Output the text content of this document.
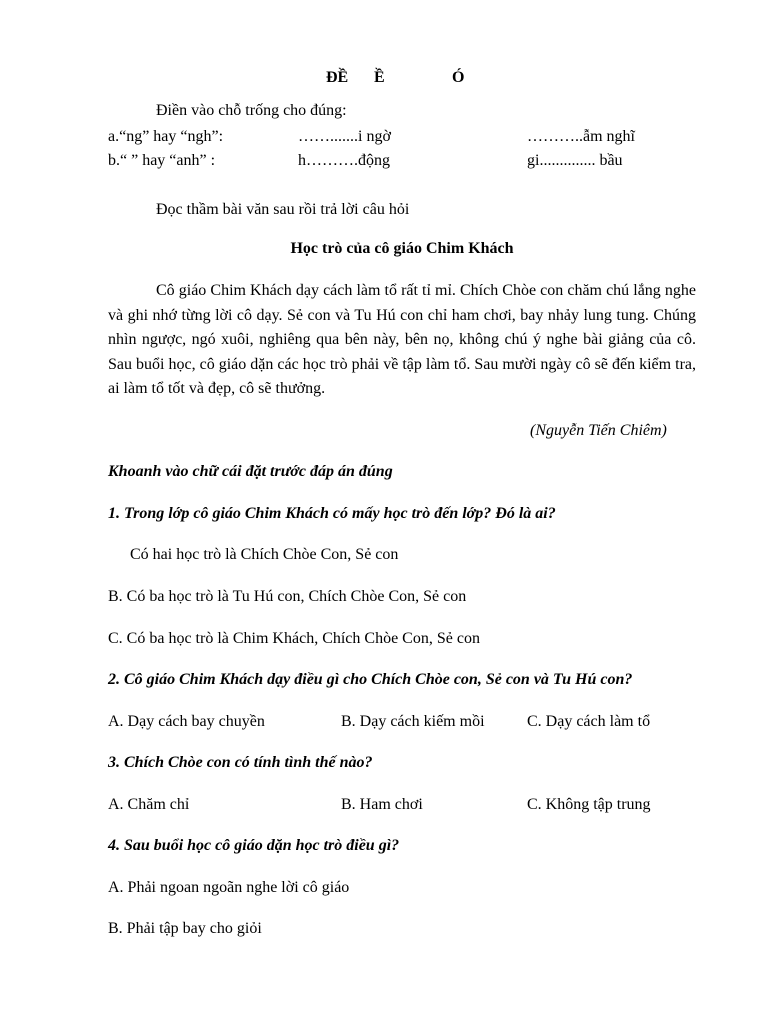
ĐỀ Ề	Ó
Điền vào chỗ trống cho đúng:
a.“ng” hay “ngh”:	…….......i ngờ	………..ẫm nghĩ
b.“ ” hay “anh” :	h……….động	gi.............. bầu
Đọc thầm bài văn sau rồi trả lời câu hỏi
Học trò của cô giáo Chim Khách
Cô giáo Chim Khách dạy cách làm tổ rất tỉ mỉ. Chích Chòe con chăm chú lắng nghe và ghi nhớ từng lời cô dạy. Sẻ con và Tu Hú con chỉ ham chơi, bay nhảy lung tung. Chúng nhìn ngược, ngó xuôi, nghiêng qua bên này, bên nọ, không chú ý nghe bài giảng của cô. Sau buổi học, cô giáo dặn các học trò phải về tập làm tổ. Sau mười ngày cô sẽ đến kiểm tra, ai làm tổ tốt và đẹp, cô sẽ thưởng.
(Nguyễn Tiến Chiêm)
Khoanh vào chữ cái đặt trước đáp án đúng
1. Trong lớp cô giáo Chim Khách có mấy học trò đến lớp? Đó là ai?
Có hai học trò là Chích Chòe Con, Sẻ con
B. Có ba học trò là Tu Hú con, Chích Chòe Con, Sẻ con
C. Có ba học trò là Chim Khách, Chích Chòe Con, Sẻ con
2. Cô giáo Chim Khách dạy điều gì cho Chích Chòe con, Sẻ con và Tu Hú con?
A. Dạy cách bay chuyền	B. Dạy cách kiếm mồi	C. Dạy cách làm tổ
3. Chích Chòe con có tính tình thế nào?
A. Chăm chỉ	B. Ham chơi	C. Không tập trung
4. Sau buổi học cô giáo dặn học trò điều gì?
A. Phải ngoan ngoãn nghe lời cô giáo
B. Phải tập bay cho giỏi
